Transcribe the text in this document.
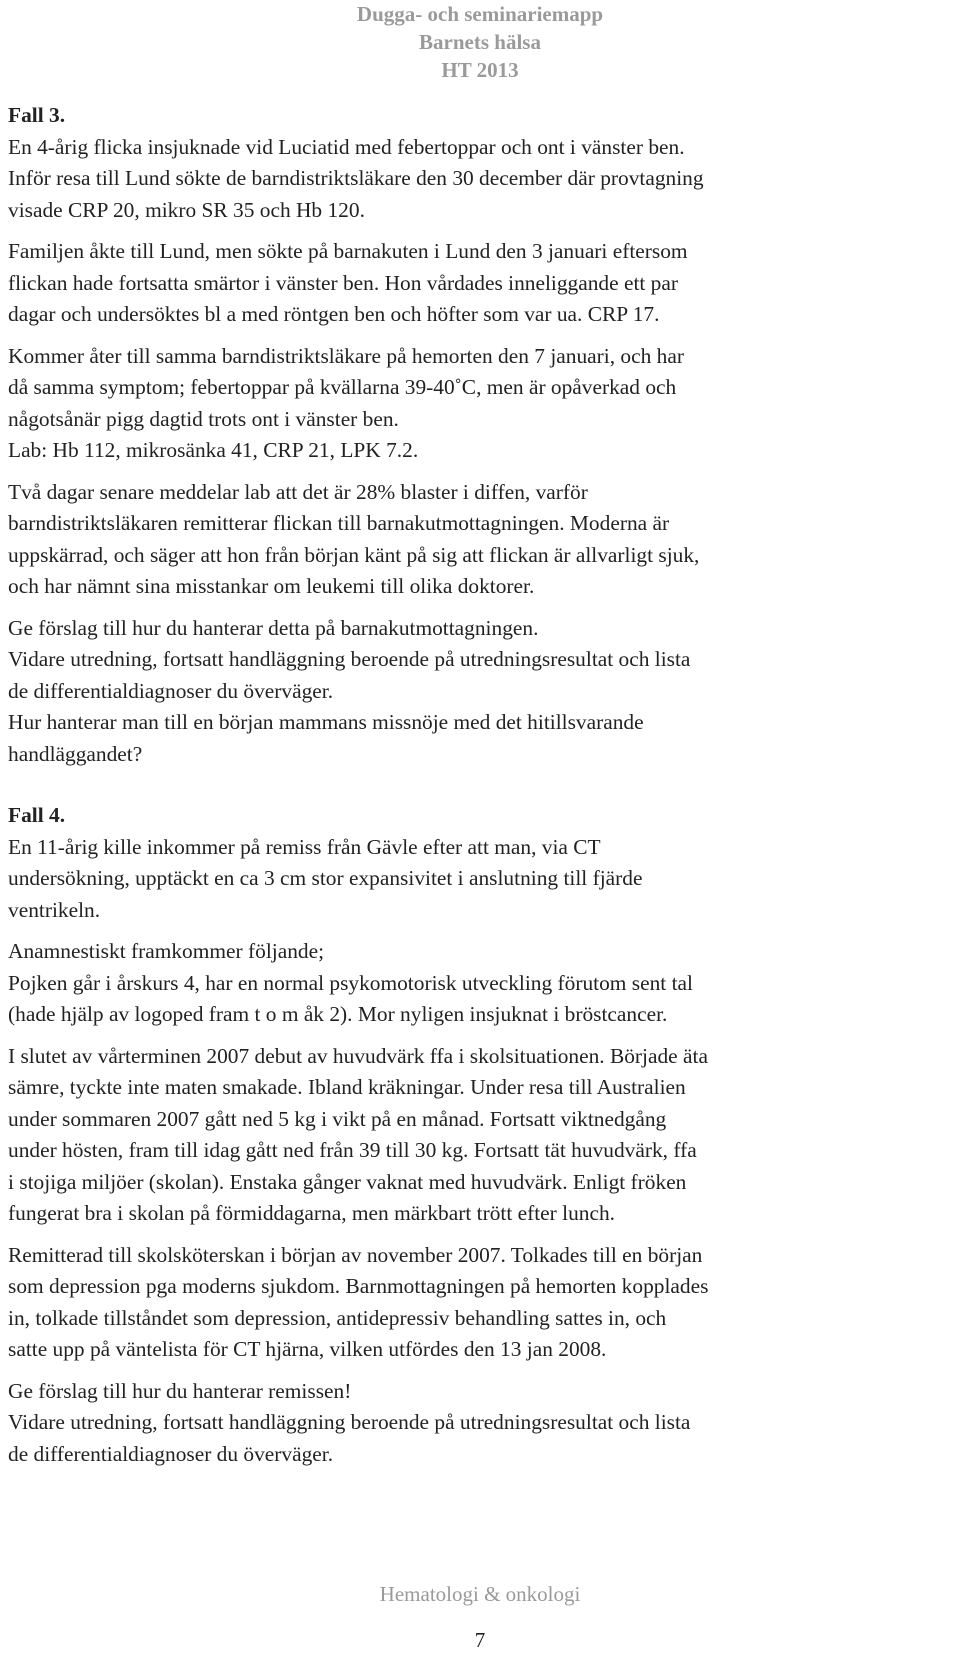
Dugga- och seminariemapp
Barnets hälsa
HT 2013
Fall 3.
En 4-årig flicka insjuknade vid Luciatid med febertoppar och ont i vänster ben.
Inför resa till Lund sökte de barndistriktsläkare den 30 december där provtagning
visade CRP 20, mikro SR 35 och Hb 120.
Familjen åkte till Lund, men sökte på barnakuten i Lund den 3 januari eftersom
flickan hade fortsatta smärtor i vänster ben. Hon vårdades inneliggande ett par
dagar och undersöktes bl a med röntgen ben och höfter som var ua. CRP 17.
Kommer åter till samma barndistriktsläkare på hemorten den 7 januari, och har
då samma symptom; febertoppar på kvällarna 39-40˚C, men är opåverkad och
någotsånär pigg dagtid trots ont i vänster ben.
Lab: Hb 112, mikrosänka 41, CRP 21, LPK 7.2.
Två dagar senare meddelar lab att det är 28% blaster i diffen, varför
barndistriktsläkaren remitterar flickan till barnakutmottagningen. Moderna är
uppskärrad, och säger att hon från början känt på sig att flickan är allvarligt sjuk,
och har nämnt sina misstankar om leukemi till olika doktorer.
Ge förslag till hur du hanterar detta på barnakutmottagningen.
Vidare utredning, fortsatt handläggning beroende på utredningsresultat och lista
de differentialdiagnoser du överväger.
Hur hanterar man till en början mammans missnöje med det hitillsvarande
handläggandet?
Fall 4.
En 11-årig kille inkommer på remiss från Gävle efter att man, via CT
undersökning, upptäckt en ca 3 cm stor expansivitet i anslutning till fjärde
ventrikeln.
Anamnestiskt framkommer följande;
Pojken går i årskurs 4, har en normal psykomotorisk utveckling förutom sent tal
(hade hjälp av logoped fram t o m åk 2). Mor nyligen insjuknat i bröstcancer.
I slutet av vårterminen 2007 debut av huvudvärk ffa i skolsituationen. Började äta
sämre, tyckte inte maten smakade. Ibland kräkningar. Under resa till Australien
under sommaren 2007 gått ned 5 kg i vikt på en månad. Fortsatt viktnedgång
under hösten, fram till idag gått ned från 39 till 30 kg. Fortsatt tät huvudvärk, ffa
i stojiga miljöer (skolan). Enstaka gånger vaknat med huvudvärk. Enligt fröken
fungerat bra i skolan på förmiddagarna, men märkbart trött efter lunch.
Remitterad till skolsköterskan i början av november 2007. Tolkades till en början
som depression pga moderns sjukdom. Barnmottagningen på hemorten kopplades
in, tolkade tillståndet som depression, antidepressiv behandling sattes in, och
satte upp på väntelista för CT hjärna, vilken utfördes den 13 jan 2008.
Ge förslag till hur du hanterar remissen!
Vidare utredning, fortsatt handläggning beroende på utredningsresultat och lista
de differentialdiagnoser du överväger.
Hematologi & onkologi
7
